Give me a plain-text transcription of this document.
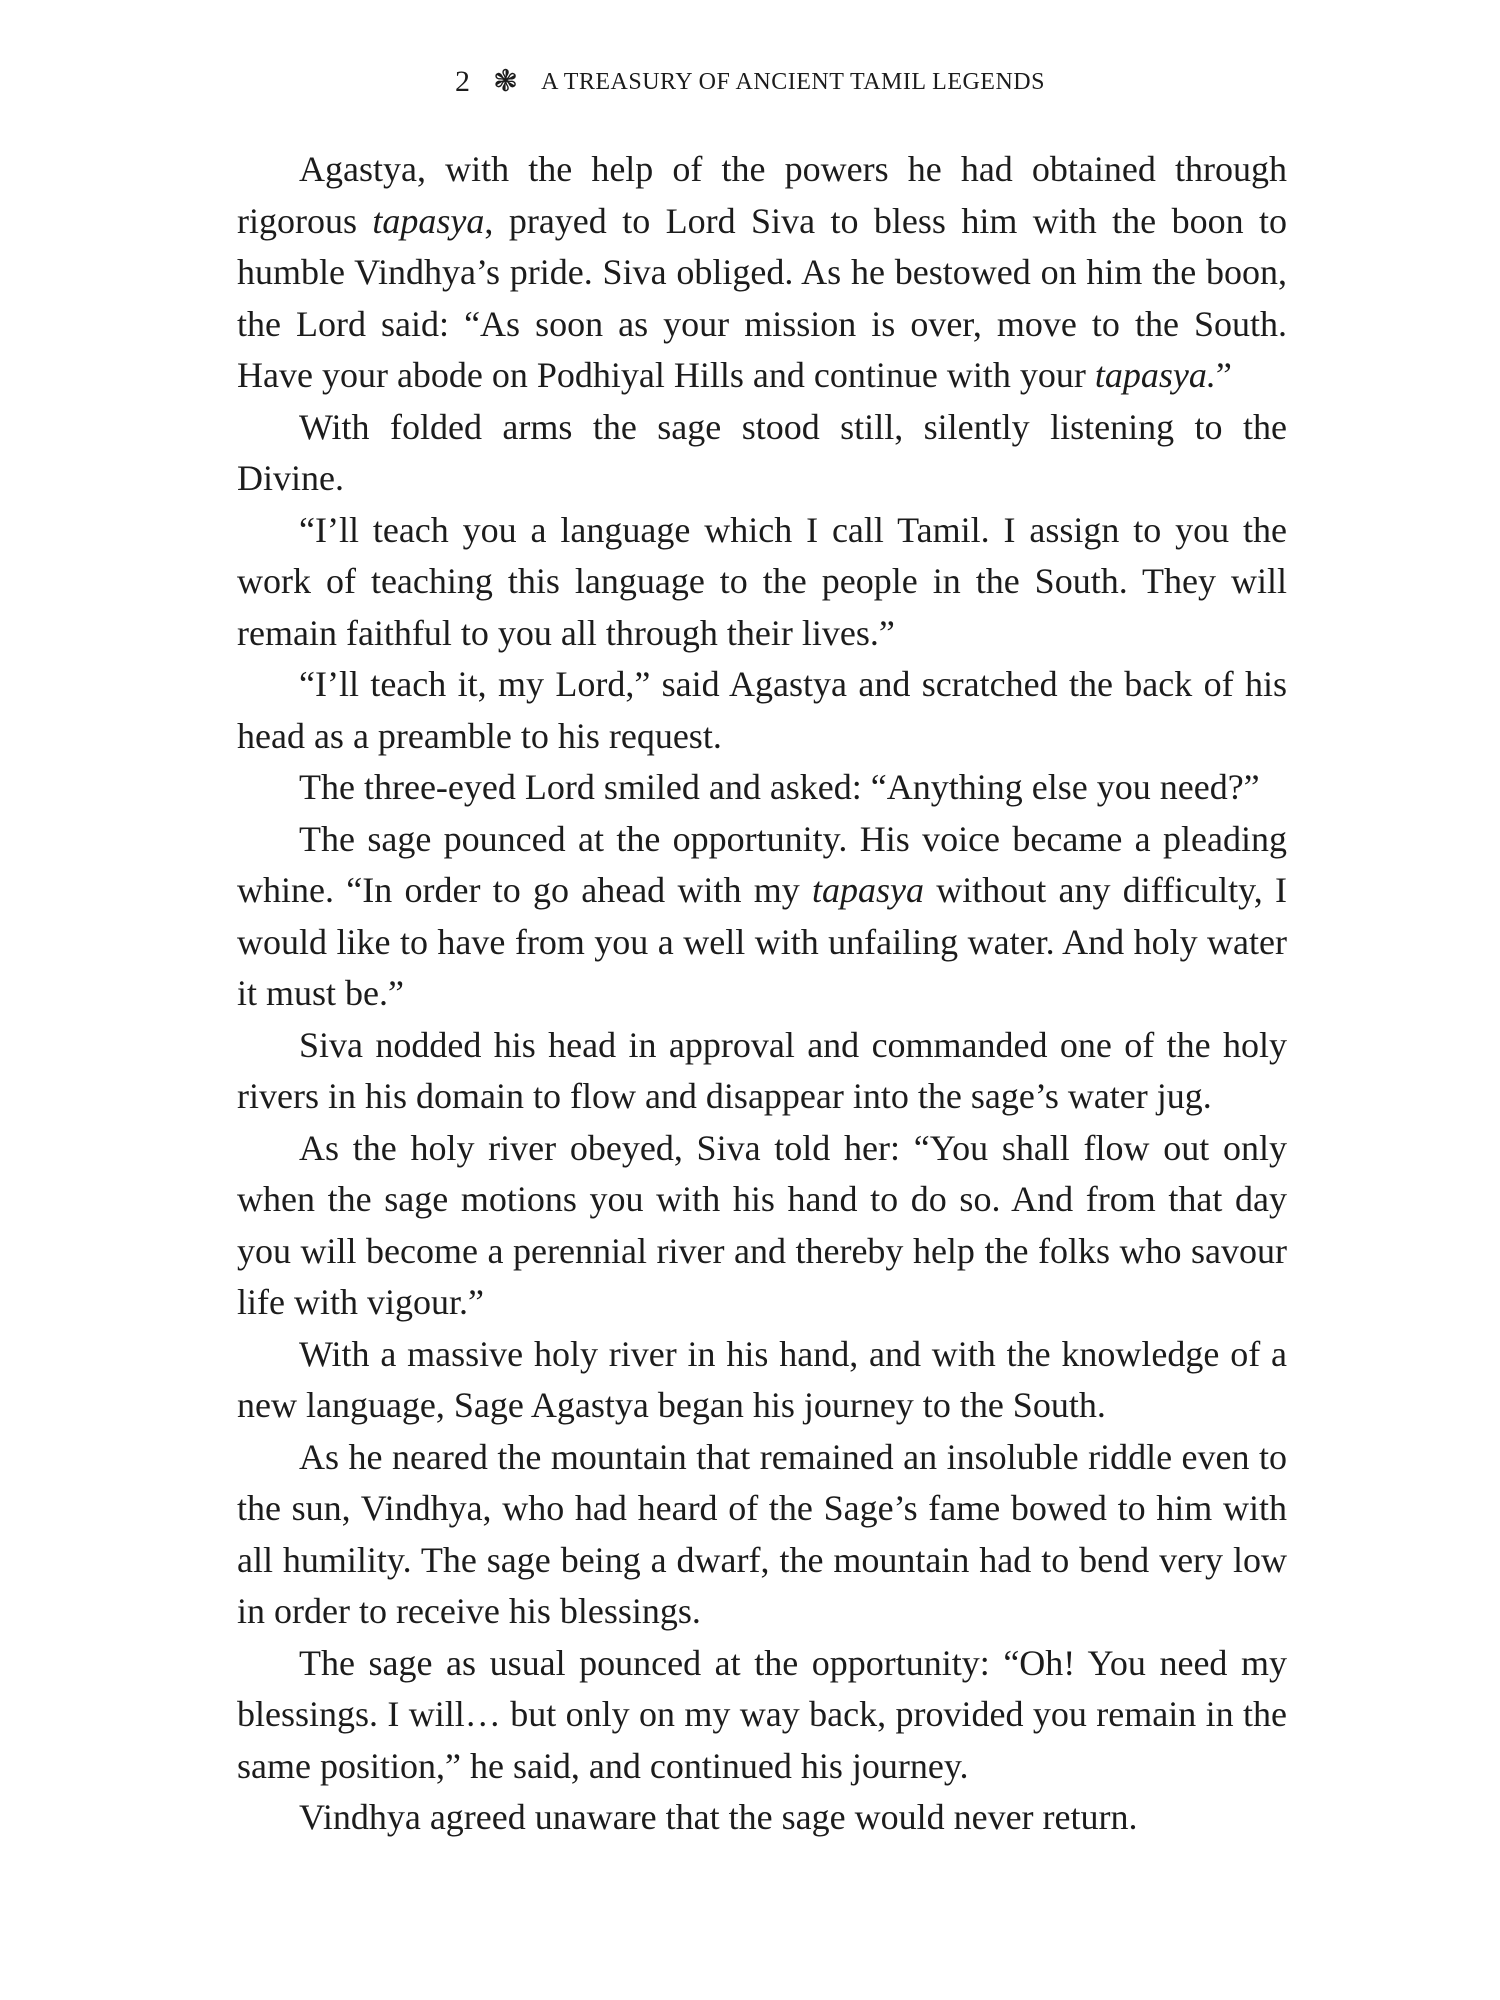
2 ❃ A TREASURY OF ANCIENT TAMIL LEGENDS

Agastya, with the help of the powers he had obtained through rigorous tapasya, prayed to Lord Siva to bless him with the boon to humble Vindhya’s pride. Siva obliged. As he bestowed on him the boon, the Lord said: “As soon as your mission is over, move to the South. Have your abode on Podhiyal Hills and continue with your tapasya.”

With folded arms the sage stood still, silently listening to the Divine.

“I’ll teach you a language which I call Tamil. I assign to you the work of teaching this language to the people in the South. They will remain faithful to you all through their lives.”

“I’ll teach it, my Lord,” said Agastya and scratched the back of his head as a preamble to his request.

The three-eyed Lord smiled and asked: “Anything else you need?”

The sage pounced at the opportunity. His voice became a pleading whine. “In order to go ahead with my tapasya without any difficulty, I would like to have from you a well with unfailing water. And holy water it must be.”

Siva nodded his head in approval and commanded one of the holy rivers in his domain to flow and disappear into the sage’s water jug.

As the holy river obeyed, Siva told her: “You shall flow out only when the sage motions you with his hand to do so. And from that day you will become a perennial river and thereby help the folks who savour life with vigour.”

With a massive holy river in his hand, and with the knowledge of a new language, Sage Agastya began his journey to the South.

As he neared the mountain that remained an insoluble riddle even to the sun, Vindhya, who had heard of the Sage’s fame bowed to him with all humility. The sage being a dwarf, the mountain had to bend very low in order to receive his blessings.

The sage as usual pounced at the opportunity: “Oh! You need my blessings. I will… but only on my way back, provided you remain in the same position,” he said, and continued his journey.

Vindhya agreed unaware that the sage would never return.
